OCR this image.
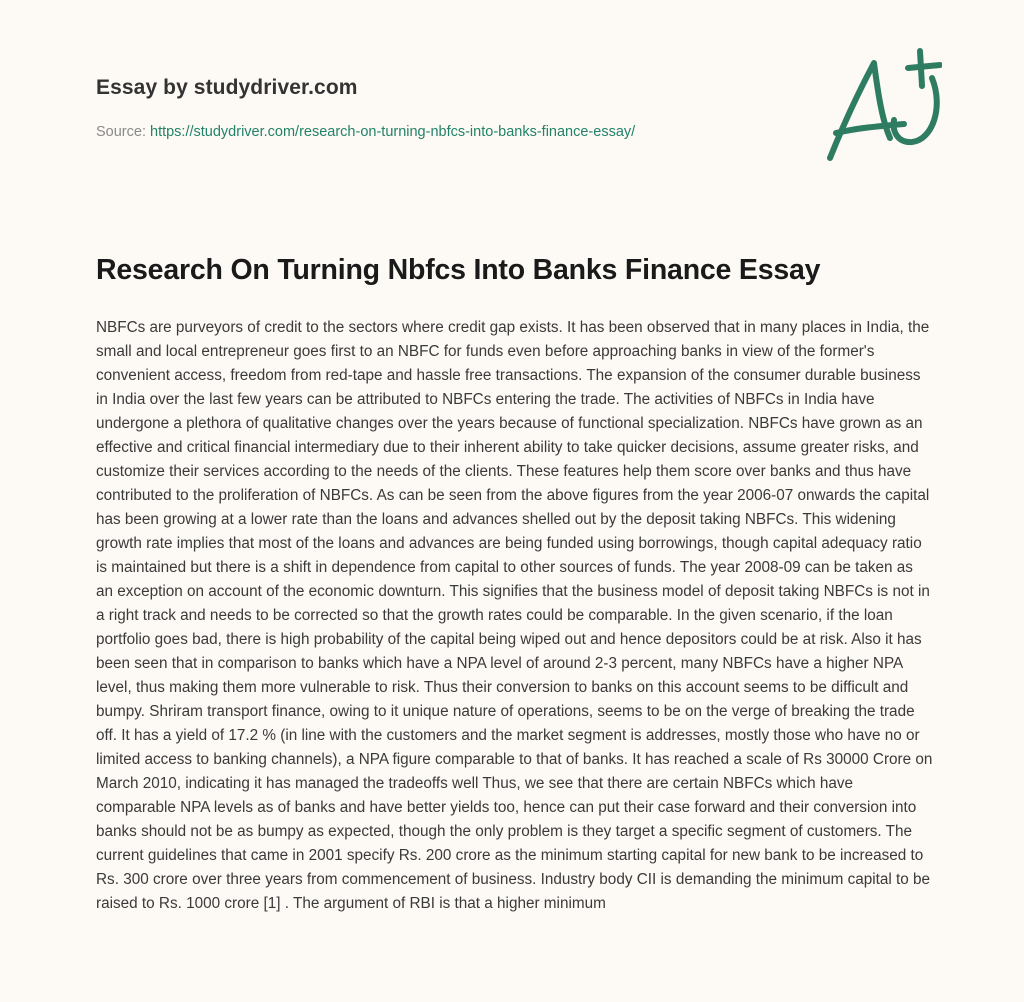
Essay by studydriver.com
Source: https://studydriver.com/research-on-turning-nbfcs-into-banks-finance-essay/
Research On Turning Nbfcs Into Banks Finance Essay

NBFCs are purveyors of credit to the sectors where credit gap exists. It has been observed that in many places in India, the small and local entrepreneur goes first to an NBFC for funds even before approaching banks in view of the former's convenient access, freedom from red-tape and hassle free transactions. The expansion of the consumer durable business in India over the last few years can be attributed to NBFCs entering the trade. The activities of NBFCs in India have undergone a plethora of qualitative changes over the years because of functional specialization. NBFCs have grown as an effective and critical financial intermediary due to their inherent ability to take quicker decisions, assume greater risks, and customize their services according to the needs of the clients. These features help them score over banks and thus have contributed to the proliferation of NBFCs. As can be seen from the above figures from the year 2006-07 onwards the capital has been growing at a lower rate than the loans and advances shelled out by the deposit taking NBFCs. This widening growth rate implies that most of the loans and advances are being funded using borrowings, though capital adequacy ratio is maintained but there is a shift in dependence from capital to other sources of funds. The year 2008-09 can be taken as an exception on account of the economic downturn. This signifies that the business model of deposit taking NBFCs is not in a right track and needs to be corrected so that the growth rates could be comparable. In the given scenario, if the loan portfolio goes bad, there is high probability of the capital being wiped out and hence depositors could be at risk. Also it has been seen that in comparison to banks which have a NPA level of around 2-3 percent, many NBFCs have a higher NPA level, thus making them more vulnerable to risk. Thus their conversion to banks on this account seems to be difficult and bumpy. Shriram transport finance, owing to it unique nature of operations, seems to be on the verge of breaking the trade off. It has a yield of 17.2 % (in line with the customers and the market segment is addresses, mostly those who have no or limited access to banking channels), a NPA figure comparable to that of banks. It has reached a scale of Rs 30000 Crore on March 2010, indicating it has managed the tradeoffs well Thus, we see that there are certain NBFCs which have comparable NPA levels as of banks and have better yields too, hence can put their case forward and their conversion into banks should not be as bumpy as expected, though the only problem is they target a specific segment of customers. The current guidelines that came in 2001 specify Rs. 200 crore as the minimum starting capital for new bank to be increased to Rs. 300 crore over three years from commencement of business. Industry body CII is demanding the minimum capital to be raised to Rs. 1000 crore [1] . The argument of RBI is that a higher minimum
